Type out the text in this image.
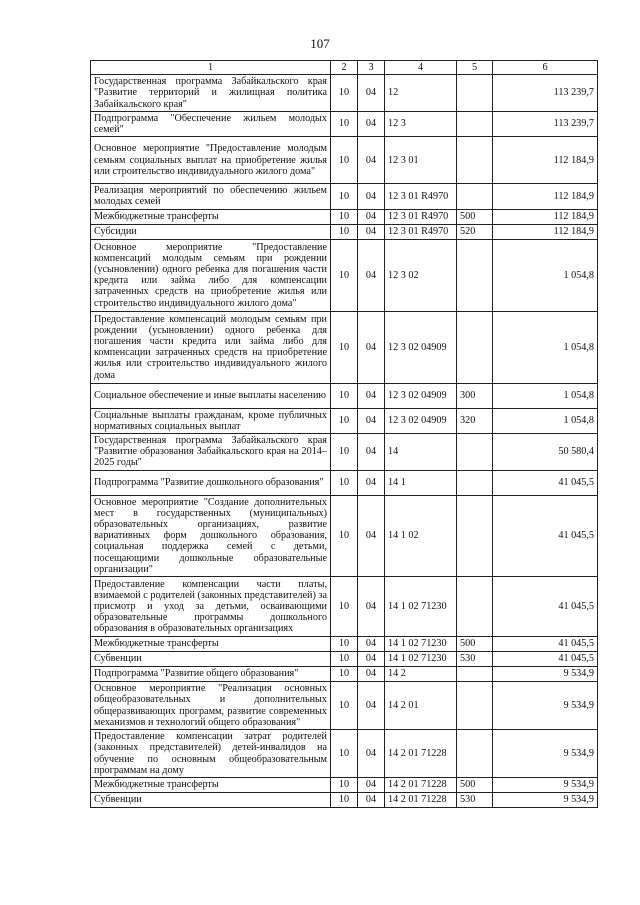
107
1	2	3	4	5	6
Государственная программа Забайкальского края "Развитие территорий и жилищная политика Забайкальского края"	10	04	12		113 239,7
Подпрограмма "Обеспечение жильем молодых семей"	10	04	12 3		113 239,7
Основное мероприятие "Предоставление молодым семьям социальных выплат на приобретение жилья или строительство индивидуального жилого дома"	10	04	12 3 01		112 184,9
Реализация мероприятий по обеспечению жильем молодых семей	10	04	12 3 01 R4970		112 184,9
Межбюджетные трансферты	10	04	12 3 01 R4970	500	112 184,9
Субсидии	10	04	12 3 01 R4970	520	112 184,9
Основное мероприятие "Предоставление компенсаций молодым семьям при рождении (усыновлении) одного ребенка для погашения части кредита или займа либо для компенсации затраченных средств на приобретение жилья или строительство индивидуального жилого дома"	10	04	12 3 02		1 054,8
Предоставление компенсаций молодым семьям при рождении (усыновлении) одного ребенка для погашения части кредита или займа либо для компенсации затраченных средств на приобретение жилья или строительство индивидуального жилого дома	10	04	12 3 02 04909		1 054,8
Социальное обеспечение и иные выплаты населению	10	04	12 3 02 04909	300	1 054,8
Социальные выплаты гражданам, кроме публичных нормативных социальных выплат	10	04	12 3 02 04909	320	1 054,8
Государственная программа Забайкальского края "Развитие образования Забайкальского края на 2014–2025 годы"	10	04	14		50 580,4
Подпрограмма "Развитие дошкольного образования"	10	04	14 1		41 045,5
Основное мероприятие "Создание дополнительных мест в государственных (муниципальных) образовательных организациях, развитие вариативных форм дошкольного образования, социальная поддержка семей с детьми, посещающими дошкольные образовательные организации"	10	04	14 1 02		41 045,5
Предоставление компенсации части платы, взимаемой с родителей (законных представителей) за присмотр и уход за детьми, осваивающими образовательные программы дошкольного образования в образовательных организациях	10	04	14 1 02 71230		41 045,5
Межбюджетные трансферты	10	04	14 1 02 71230	500	41 045,5
Субвенции	10	04	14 1 02 71230	530	41 045,5
Подпрограмма "Развитие общего образования"	10	04	14 2		9 534,9
Основное мероприятие "Реализация основных общеобразовательных и дополнительных общеразвивающих программ, развитие современных механизмов и технологий общего образования"	10	04	14 2 01		9 534,9
Предоставление компенсации затрат родителей (законных представителей) детей-инвалидов на обучение по основным общеобразовательным программам на дому	10	04	14 2 01 71228		9 534,9
Межбюджетные трансферты	10	04	14 2 01 71228	500	9 534,9
Субвенции	10	04	14 2 01 71228	530	9 534,9
